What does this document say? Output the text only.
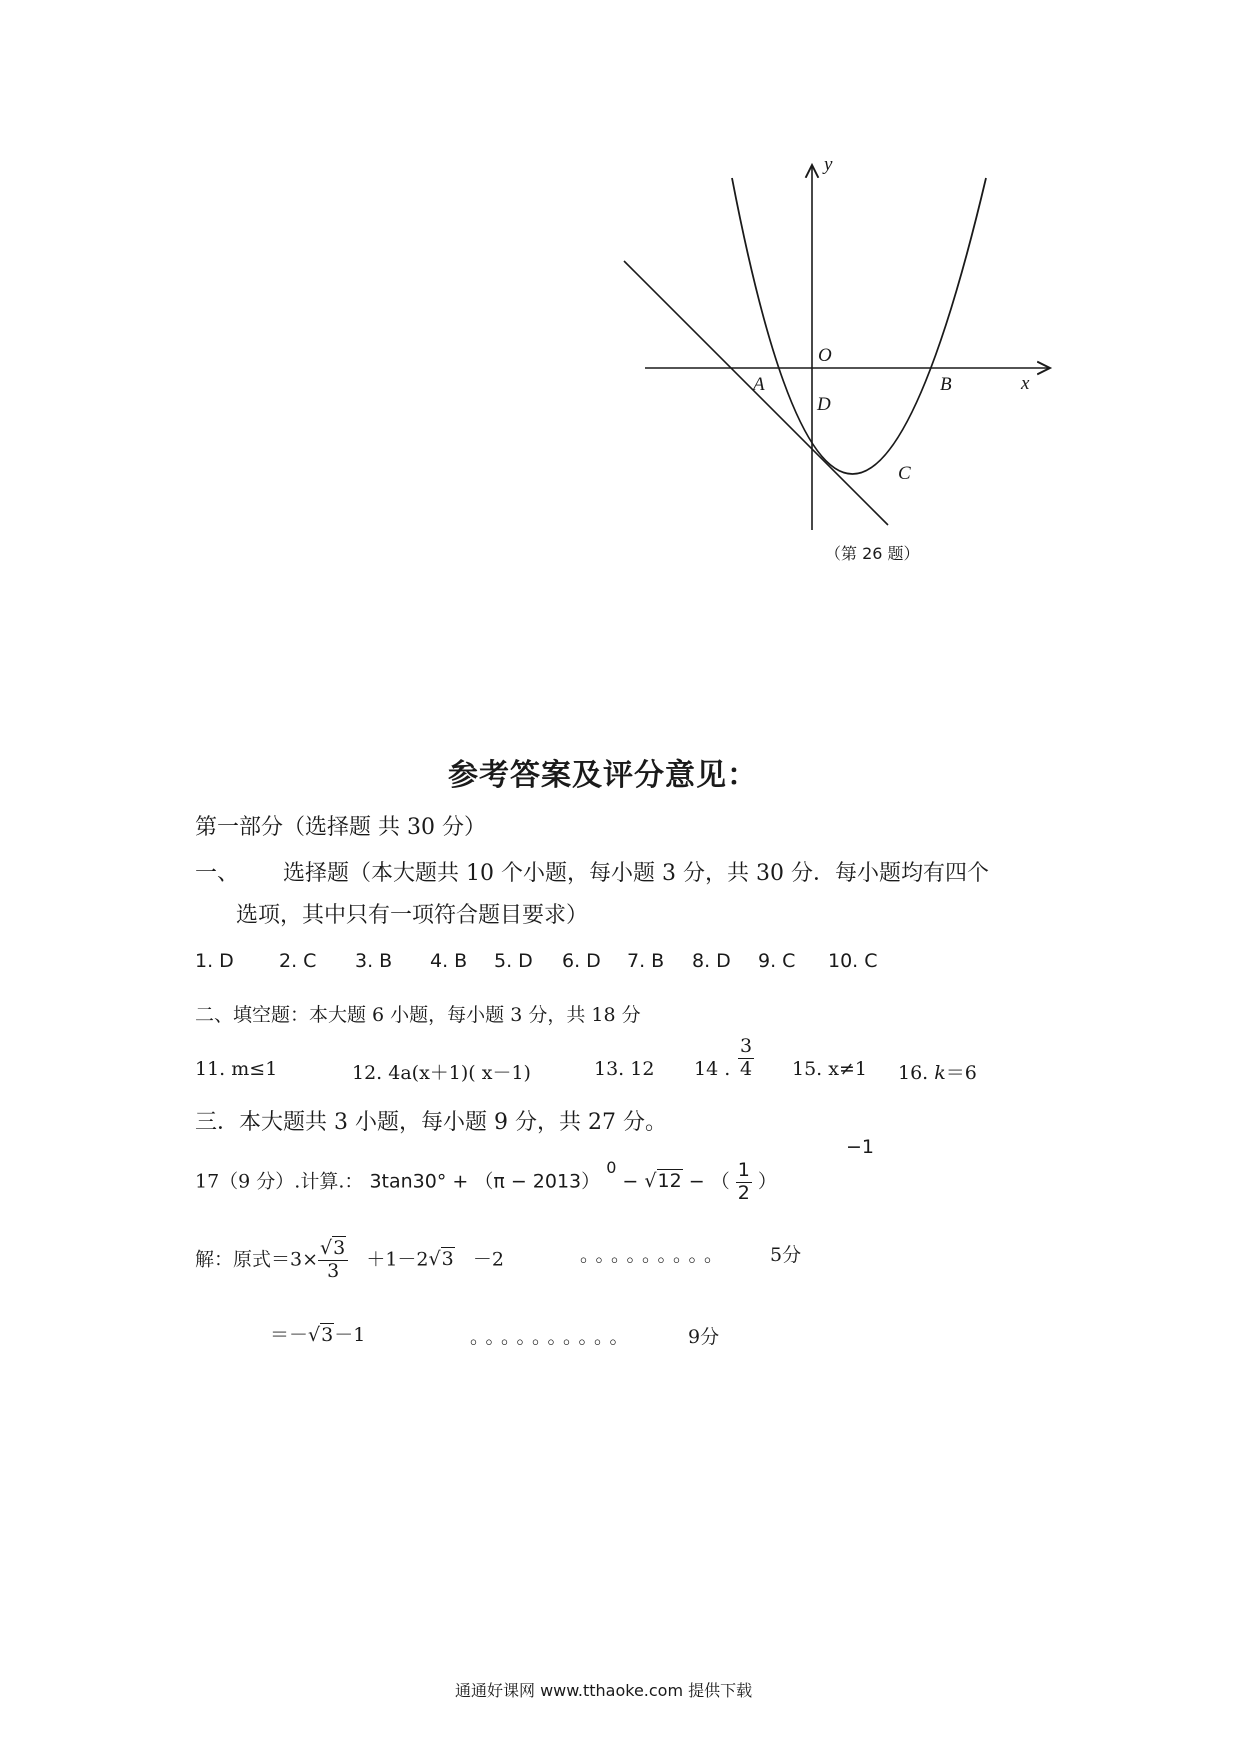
y
x
O
A	B
D
C
（第 26 题）
参考答案及评分意见：
第一部分（选择题 共 30 分）
一、 选择题（本大题共 10 个小题，每小题 3 分，共 30 分．每小题均有四个
选项，其中只有一项符合题目要求）
1. D 2. C 3. B 4. B 5. D 6. D 7. B 8. D 9. C 10. C
二、填空题：本大题 6 小题，每小题 3 分，共 18 分
11. m≤1	12. 4a(x＋1)( x－1)	13. 12 14 . $\frac{3}{4} 15$. x≠1 16. k＝6
三．本大题共 3 小题，每小题 9 分，共 27 分。
17（9 分）.计算.： 3tan30° + （π − 2013） $^0$ − √12 − （ $\frac{1}{2}$ ）
−1
解：原式$=3\times \frac{√3}{3} +1-2√3 -2$	。。。。。。。。。 5分
＝－√3－1	。。。。。。。。。。	9分
通通好课网 www.tthaoke.com 提供下载
